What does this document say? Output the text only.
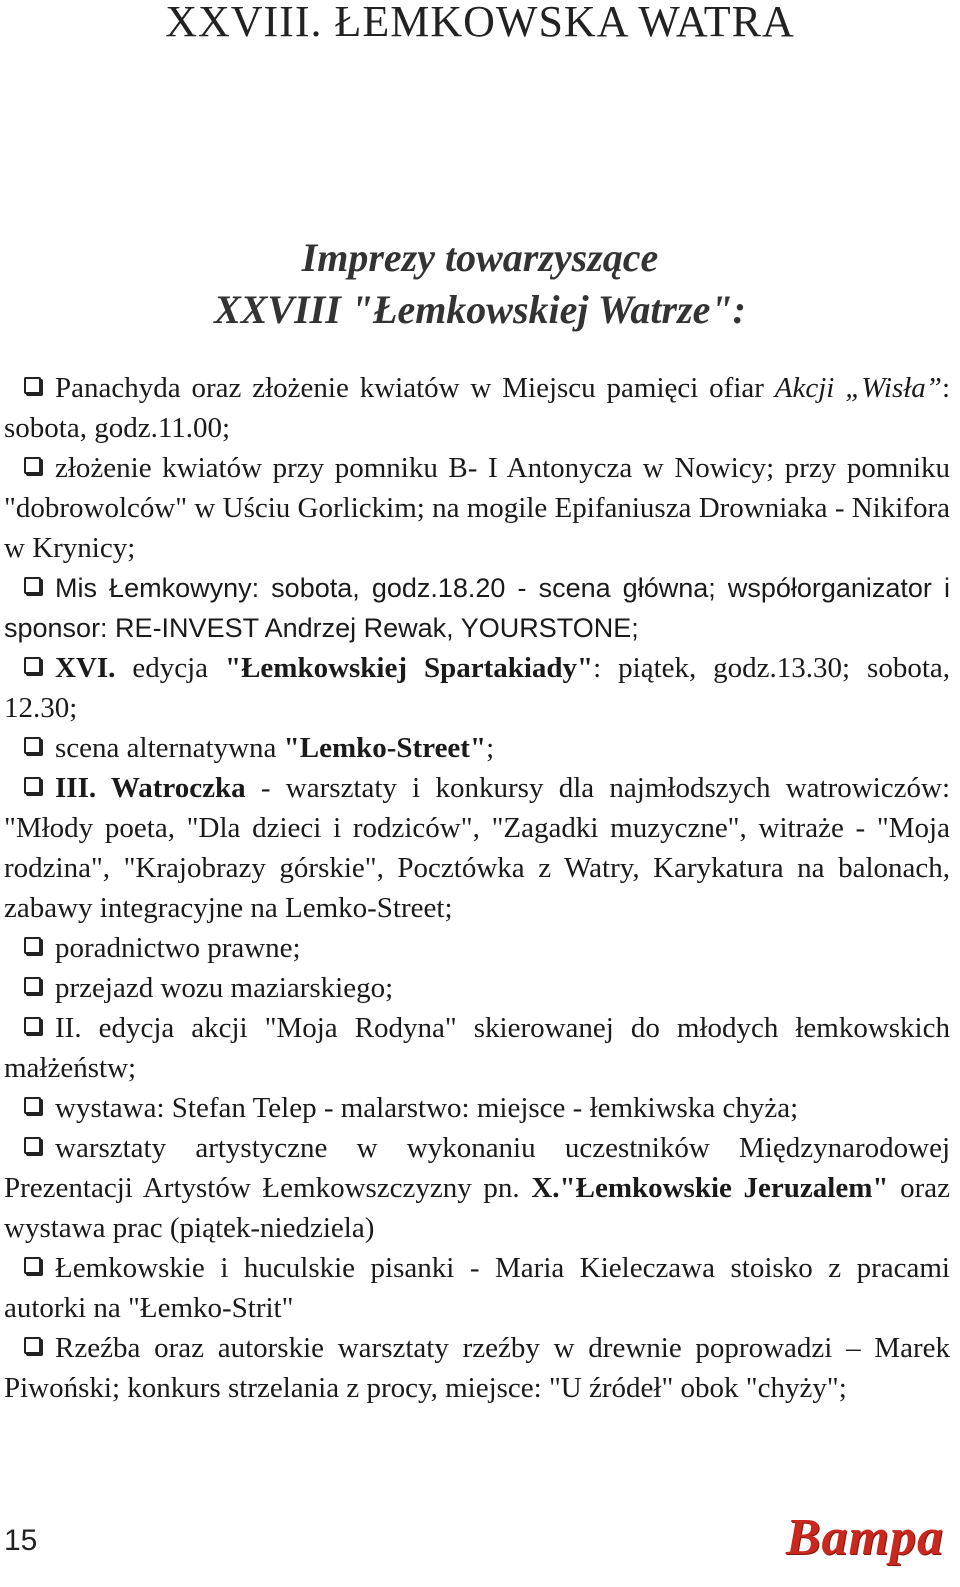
XXVIII. ŁEMKOWSKA WATRA
Imprezy towarzyszące
XXVIII "Łemkowskiej Watrze":

Panachyda oraz złożenie kwiatów w Miejscu pamięci ofiar Akcji „Wisła”: sobota, godz.11.00;

złożenie kwiatów przy pomniku B- I Antonycza w Nowicy; przy pomniku "dobrowolców" w Uściu Gorlickim; na mogile Epifaniusza Drowniaka - Nikifora w Krynicy;

Mis Łemkowyny: sobota, godz.18.20 - scena główna; współorganizator i sponsor: RE-INVEST Andrzej Rewak, YOURSTONE;

XVI. edycja "Łemkowskiej Spartakiady": piątek, godz.13.30; sobota, 12.30;

scena alternatywna "Lemko-Street";

III. Watroczka - warsztaty i konkursy dla najmłodszych watrowiczów: "Młody poeta, "Dla dzieci i rodziców", "Zagadki muzyczne", witraże - "Moja rodzina", "Krajobrazy górskie", Pocztówka z Watry, Karykatura na balonach, zabawy integracyjne na Lemko-Street;

poradnictwo prawne;

przejazd wozu maziarskiego;

II. edycja akcji "Moja Rodyna" skierowanej do młodych łemkowskich małżeństw;

wystawa: Stefan Telep - malarstwo: miejsce - łemkiwska chyża;

warsztaty artystyczne w wykonaniu uczestników Międzynarodowej Prezentacji Artystów Łemkowszczyzny pn. X."Łemkowskie Jeruzalem" oraz wystawa prac (piątek-niedziela)

Łemkowskie i huculskie pisanki - Maria Kieleczawa stoisko z pracami autorki na "Łemko-Strit"

Rzeźba oraz autorskie warsztaty rzeźby w drewnie poprowadzi – Marek Piwoński; konkurs strzelania z procy, miejsce: "U źródeł" obok "chyży";

15	Ватра
